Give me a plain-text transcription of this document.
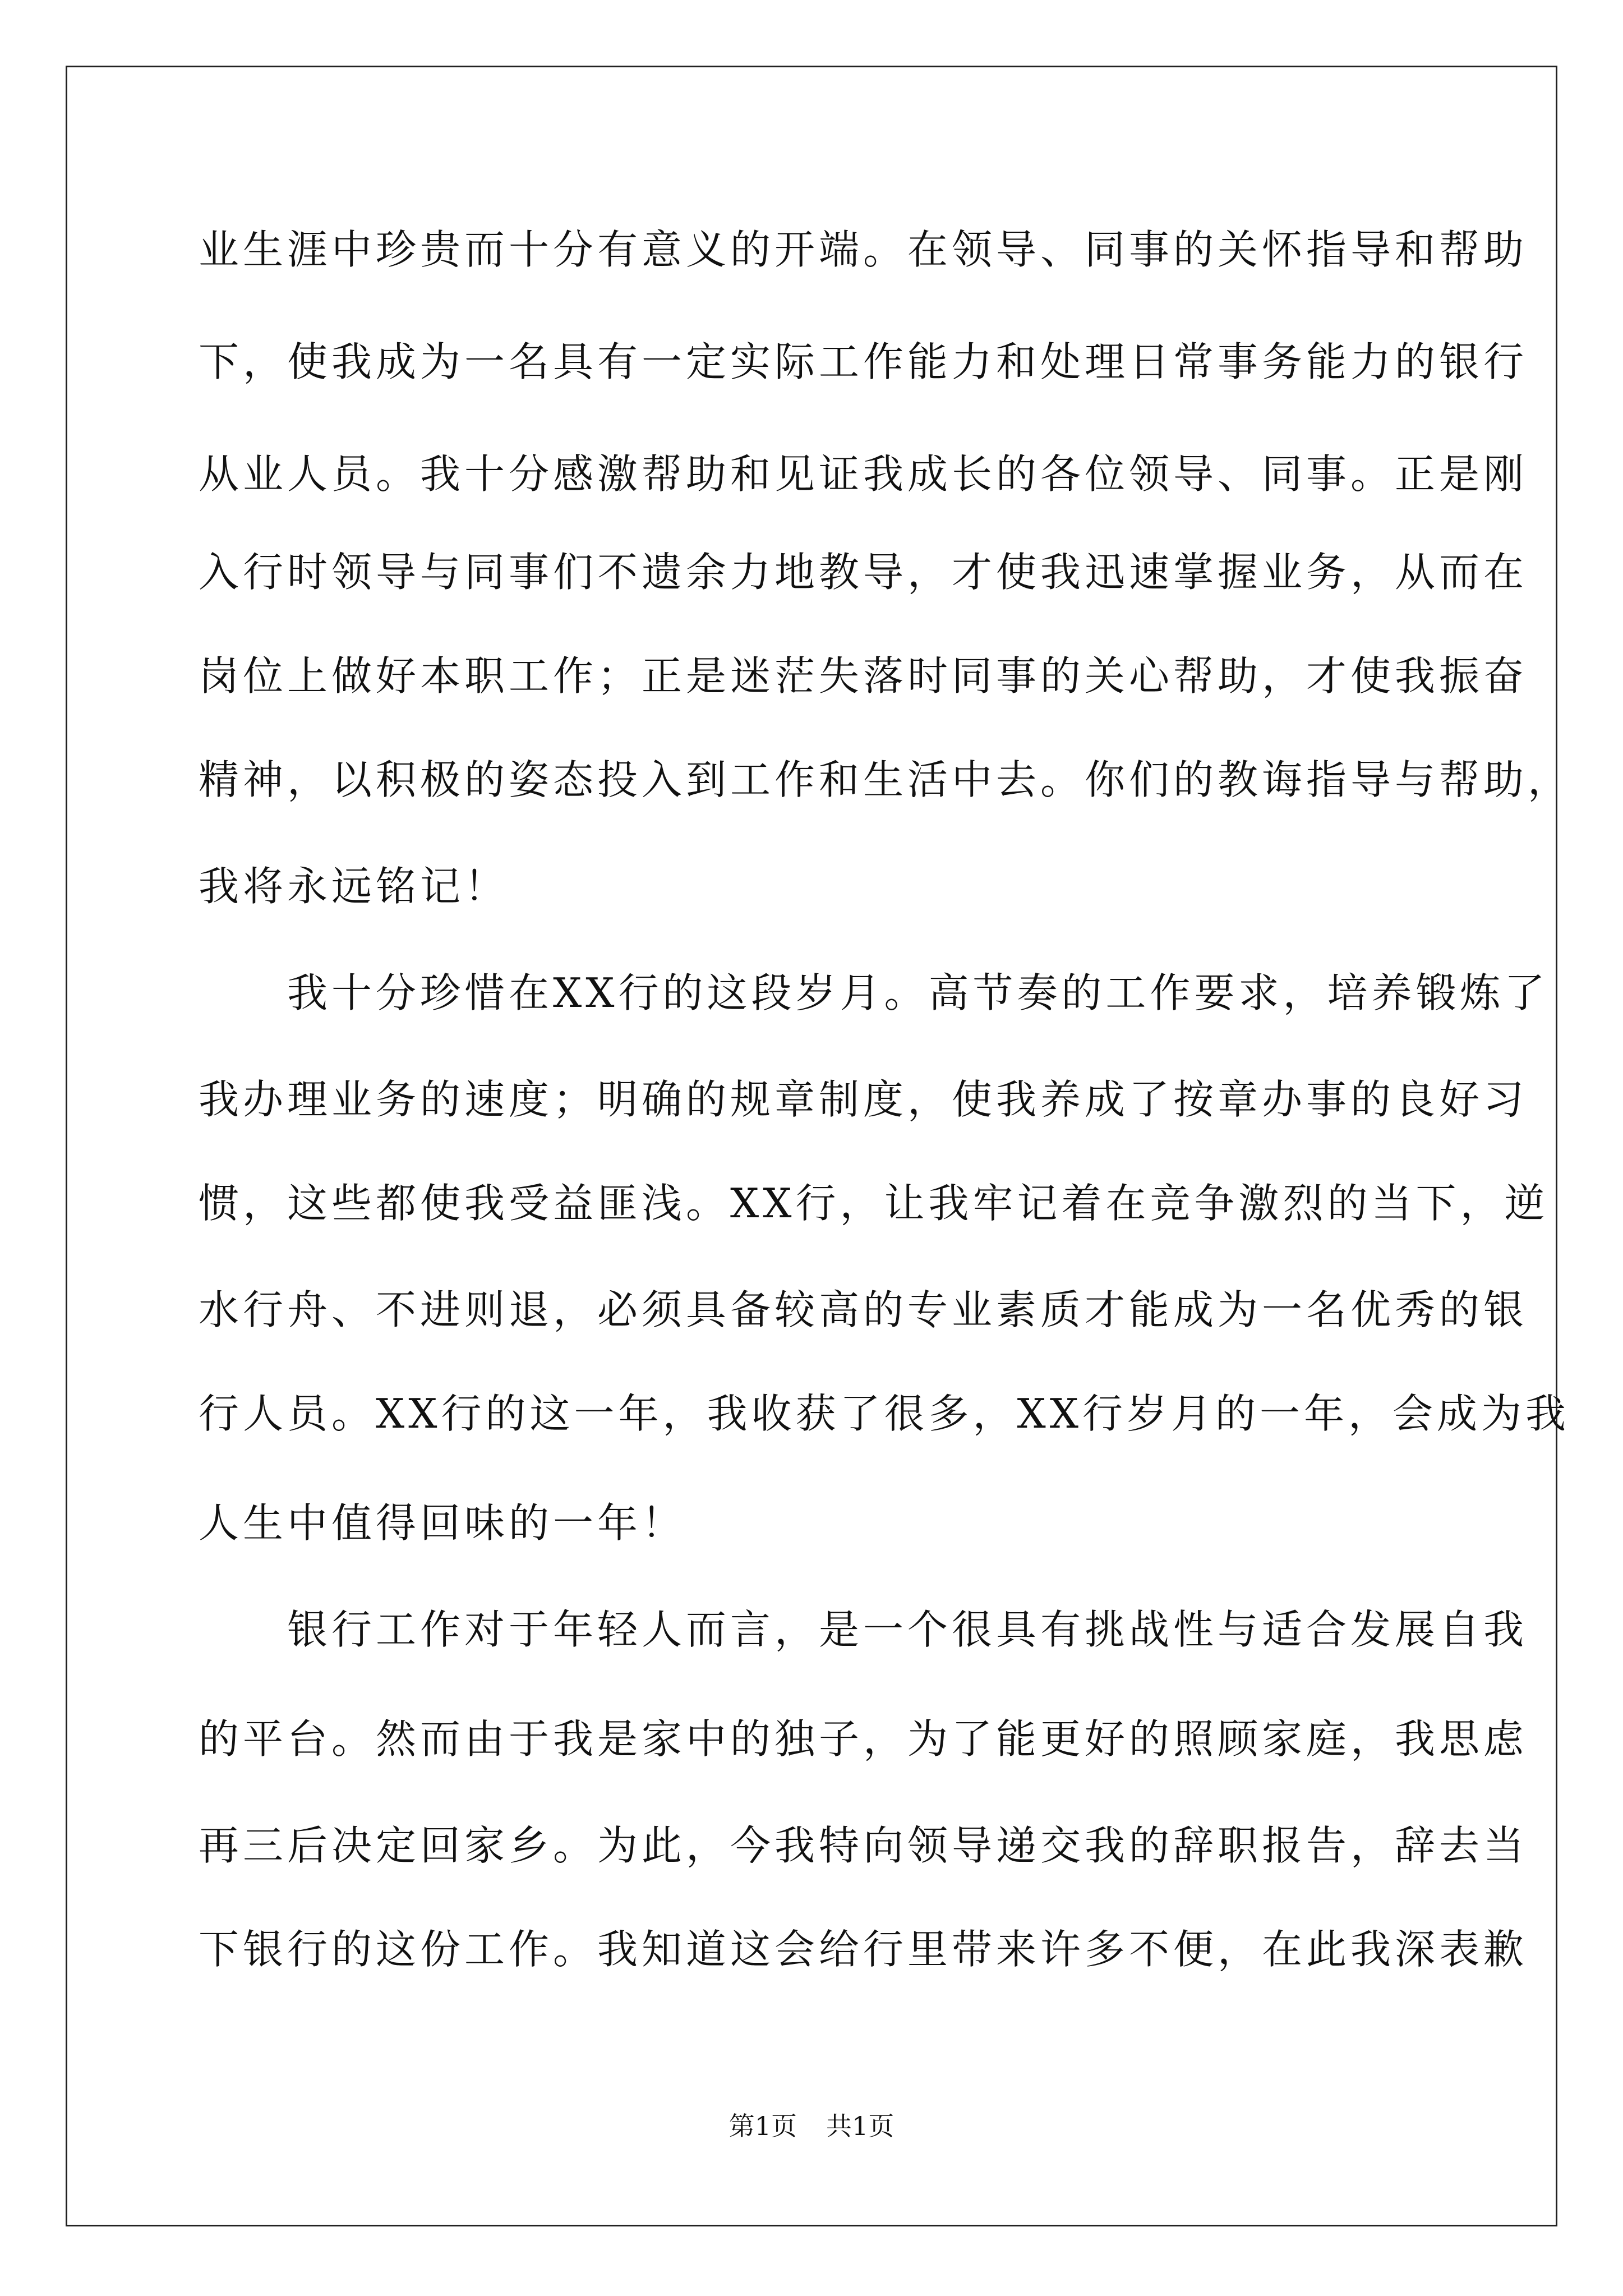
业生涯中珍贵而十分有意义的开端。在领导、同事的关怀指导和帮助
下，使我成为一名具有一定实际工作能力和处理日常事务能力的银行
从业人员。我十分感激帮助和见证我成长的各位领导、同事。正是刚
入行时领导与同事们不遗余力地教导，才使我迅速掌握业务，从而在
岗位上做好本职工作；正是迷茫失落时同事的关心帮助，才使我振奋
精神，以积极的姿态投入到工作和生活中去。你们的教诲指导与帮助，
我将永远铭记！
　　我十分珍惜在XX行的这段岁月。高节奏的工作要求，培养锻炼了
我办理业务的速度；明确的规章制度，使我养成了按章办事的良好习
惯，这些都使我受益匪浅。XX行，让我牢记着在竞争激烈的当下，逆
水行舟、不进则退，必须具备较高的专业素质才能成为一名优秀的银
行人员。XX行的这一年，我收获了很多，XX行岁月的一年，会成为我
人生中值得回味的一年！
　　银行工作对于年轻人而言，是一个很具有挑战性与适合发展自我
的平台。然而由于我是家中的独子，为了能更好的照顾家庭，我思虑
再三后决定回家乡。为此，今我特向领导递交我的辞职报告，辞去当
下银行的这份工作。我知道这会给行里带来许多不便，在此我深表歉
第1页 共1页
